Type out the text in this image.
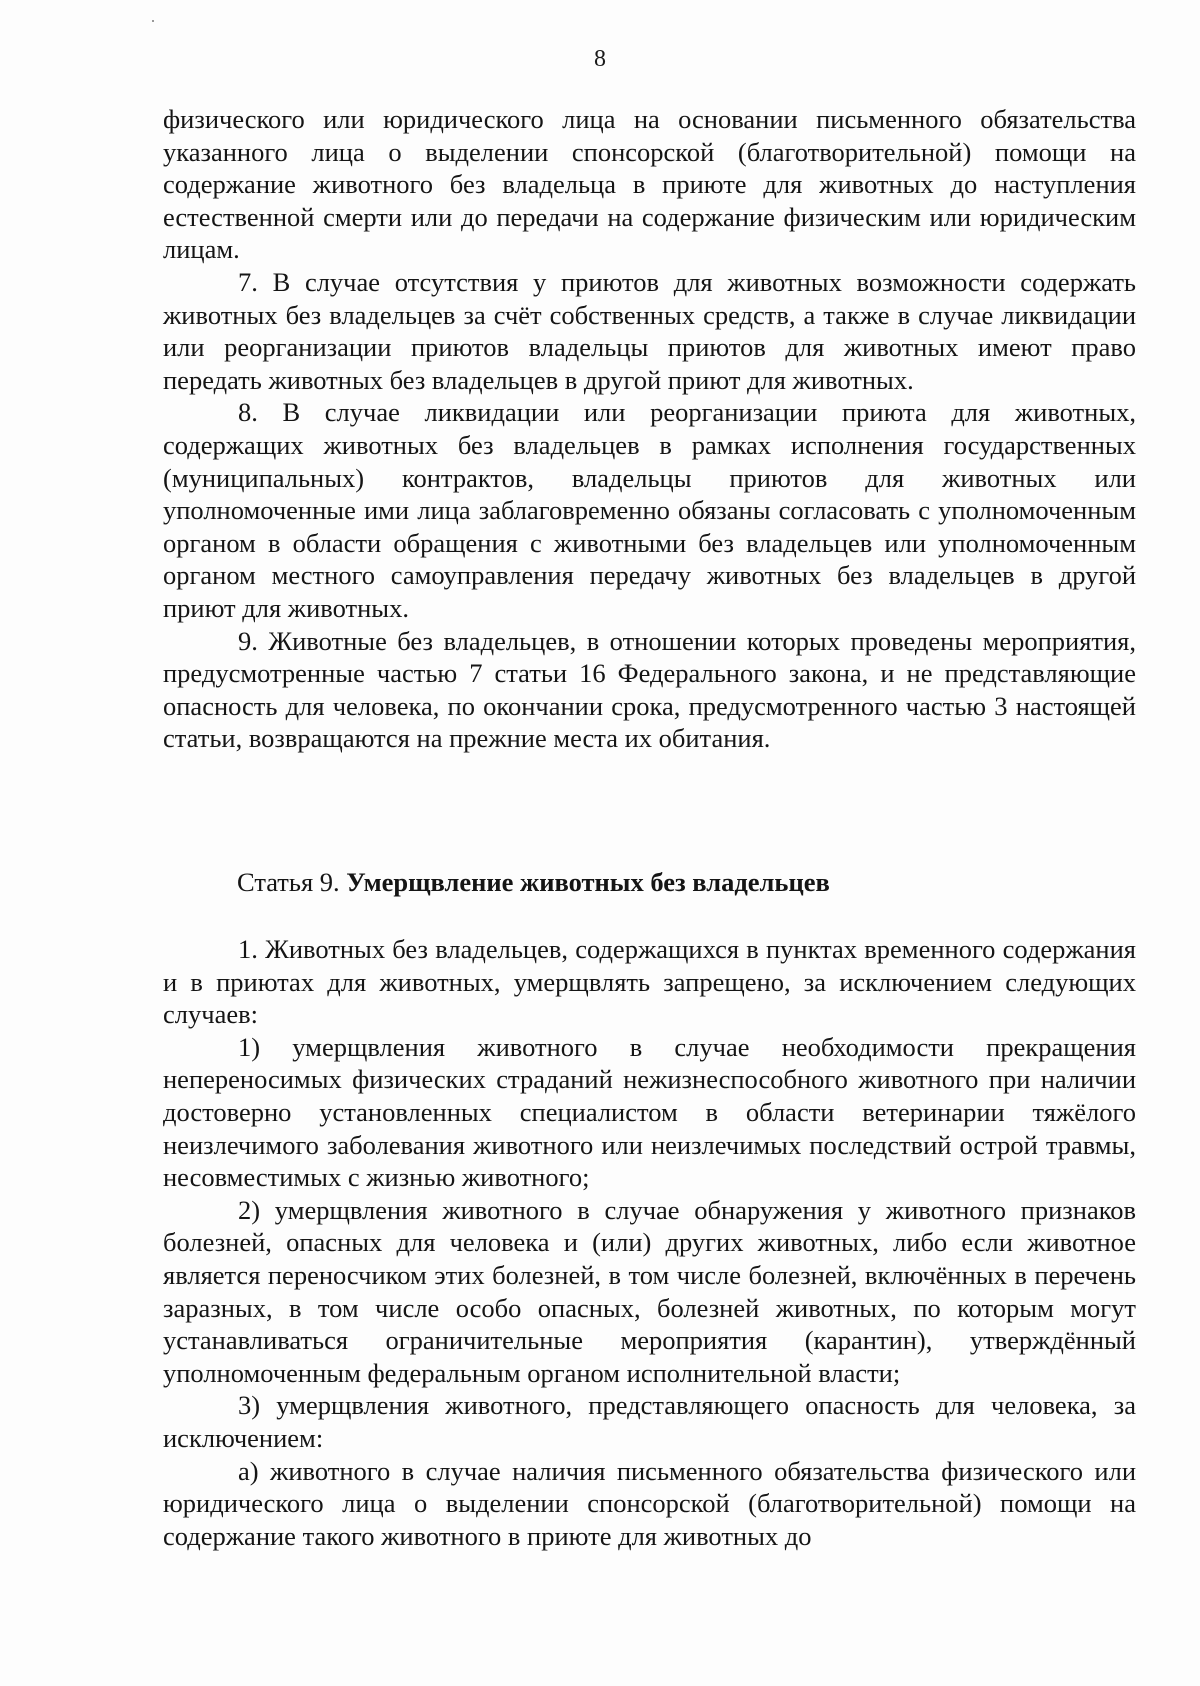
8

физического или юридического лица на основании письменного обязательства указанного лица о выделении спонсорской (благотворительной) помощи на содержание животного без владельца в приюте для животных до наступления естественной смерти или до передачи на содержание физическим или юридическим лицам.

7. В случае отсутствия у приютов для животных возможности содержать животных без владельцев за счёт собственных средств, а также в случае ликвидации или реорганизации приютов владельцы приютов для животных имеют право передать животных без владельцев в другой приют для животных.

8. В случае ликвидации или реорганизации приюта для животных, содержащих животных без владельцев в рамках исполнения государственных (муниципальных) контрактов, владельцы приютов для животных или уполномоченные ими лица заблаговременно обязаны согласовать с уполномоченным органом в области обращения с животными без владельцев или уполномоченным органом местного самоуправления передачу животных без владельцев в другой приют для животных.

9. Животные без владельцев, в отношении которых проведены мероприятия, предусмотренные частью 7 статьи 16 Федерального закона, и не представляющие опасность для человека, по окончании срока, предусмотренного частью 3 настоящей статьи, возвращаются на прежние места их обитания.

Статья 9. Умерщвление животных без владельцев

1. Животных без владельцев, содержащихся в пунктах временного содержания и в приютах для животных, умерщвлять запрещено, за исключением следующих случаев:

1) умерщвления животного в случае необходимости прекращения непереносимых физических страданий нежизнеспособного животного при наличии достоверно установленных специалистом в области ветеринарии тяжёлого неизлечимого заболевания животного или неизлечимых последствий острой травмы, несовместимых с жизнью животного;

2) умерщвления животного в случае обнаружения у животного признаков болезней, опасных для человека и (или) других животных, либо если животное является переносчиком этих болезней, в том числе болезней, включённых в перечень заразных, в том числе особо опасных, болезней животных, по которым могут устанавливаться ограничительные мероприятия (карантин), утверждённый уполномоченным федеральным органом исполнительной власти;

3) умерщвления животного, представляющего опасность для человека, за исключением:

а) животного в случае наличия письменного обязательства физического или юридического лица о выделении спонсорской (благотворительной) помощи на содержание такого животного в приюте для животных до
